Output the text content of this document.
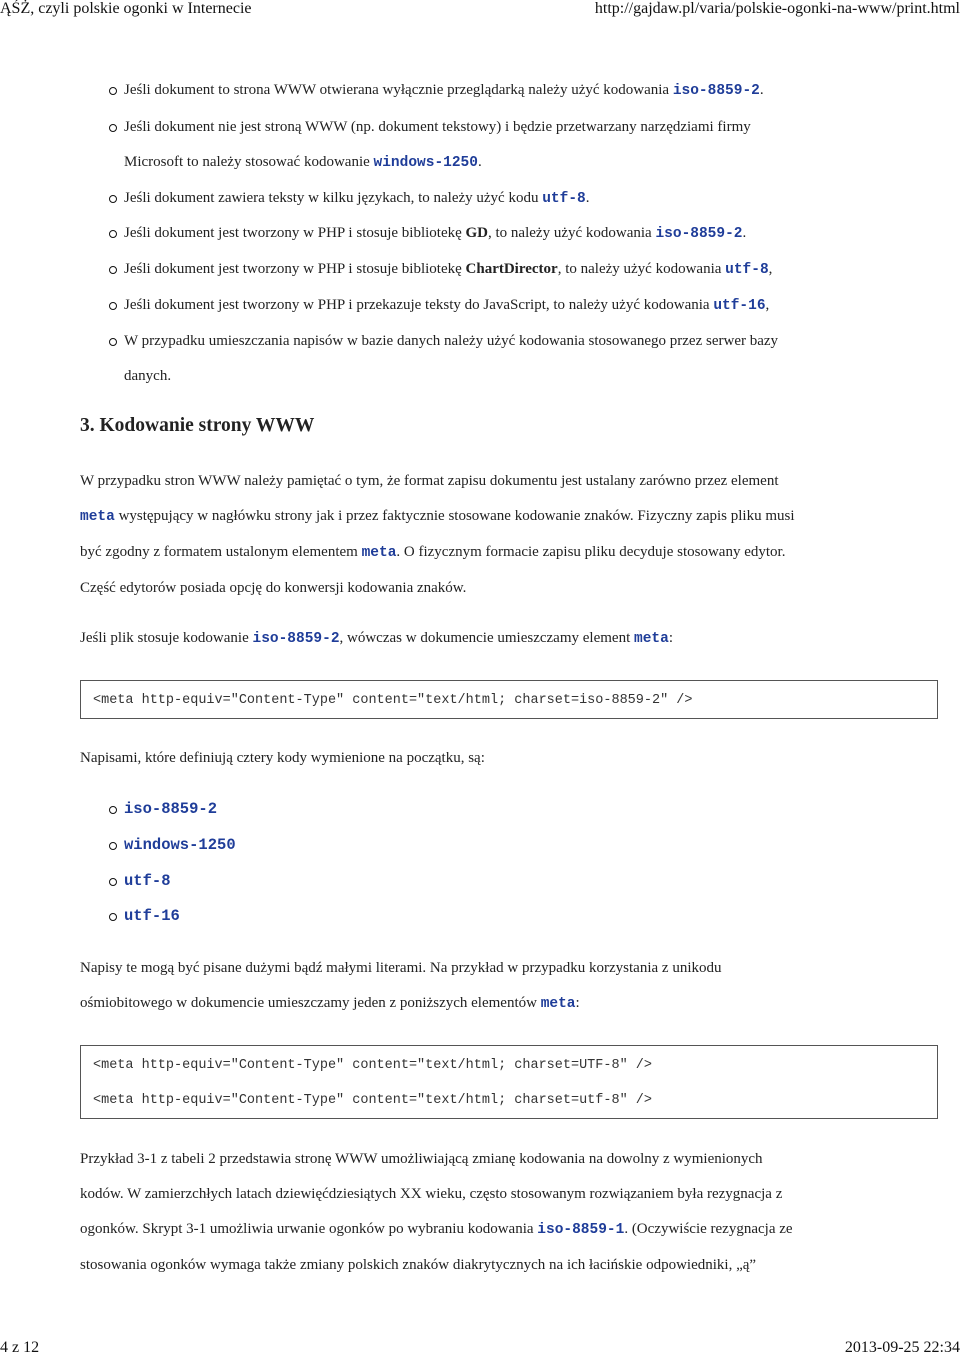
ĄŚŻ, czyli polskie ogonki w Internecie	http://gajdaw.pl/varia/polskie-ogonki-na-www/print.html
Jeśli dokument to strona WWW otwierana wyłącznie przeglądarką należy użyć kodowania iso-8859-2.
Jeśli dokument nie jest stroną WWW (np. dokument tekstowy) i będzie przetwarzany narzędziami firmy
Microsoft to należy stosować kodowanie windows-1250.
Jeśli dokument zawiera teksty w kilku językach, to należy użyć kodu utf-8.
Jeśli dokument jest tworzony w PHP i stosuje bibliotekę GD, to należy użyć kodowania iso-8859-2.
Jeśli dokument jest tworzony w PHP i stosuje bibliotekę ChartDirector, to należy użyć kodowania utf-8,
Jeśli dokument jest tworzony w PHP i przekazuje teksty do JavaScript, to należy użyć kodowania utf-16,
W przypadku umieszczania napisów w bazie danych należy użyć kodowania stosowanego przez serwer bazy
danych.
3. Kodowanie strony WWW
W przypadku stron WWW należy pamiętać o tym, że format zapisu dokumentu jest ustalany zarówno przez element
meta występujący w nagłówku strony jak i przez faktycznie stosowane kodowanie znaków. Fizyczny zapis pliku musi
być zgodny z formatem ustalonym elementem meta. O fizycznym formacie zapisu pliku decyduje stosowany edytor.
Część edytorów posiada opcję do konwersji kodowania znaków.
Jeśli plik stosuje kodowanie iso-8859-2, wówczas w dokumencie umieszczamy element meta:
<meta http-equiv="Content-Type" content="text/html; charset=iso-8859-2" />
Napisami, które definiują cztery kody wymienione na początku, są:
iso-8859-2
windows-1250
utf-8
utf-16
Napisy te mogą być pisane dużymi bądź małymi literami. Na przykład w przypadku korzystania z unikodu
ośmiobitowego w dokumencie umieszczamy jeden z poniższych elementów meta:
<meta http-equiv="Content-Type" content="text/html; charset=UTF-8" />
<meta http-equiv="Content-Type" content="text/html; charset=utf-8" />
Przykład 3-1 z tabeli 2 przedstawia stronę WWW umożliwiającą zmianę kodowania na dowolny z wymienionych
kodów. W zamierzchłych latach dziewięćdziesiątych XX wieku, często stosowanym rozwiązaniem była rezygnacja z
ogonków. Skrypt 3-1 umożliwia urwanie ogonków po wybraniu kodowania iso-8859-1. (Oczywiście rezygnacja ze
stosowania ogonków wymaga także zmiany polskich znaków diakrytycznych na ich łacińskie odpowiedniki, „ą”
4 z 12	2013-09-25 22:34
